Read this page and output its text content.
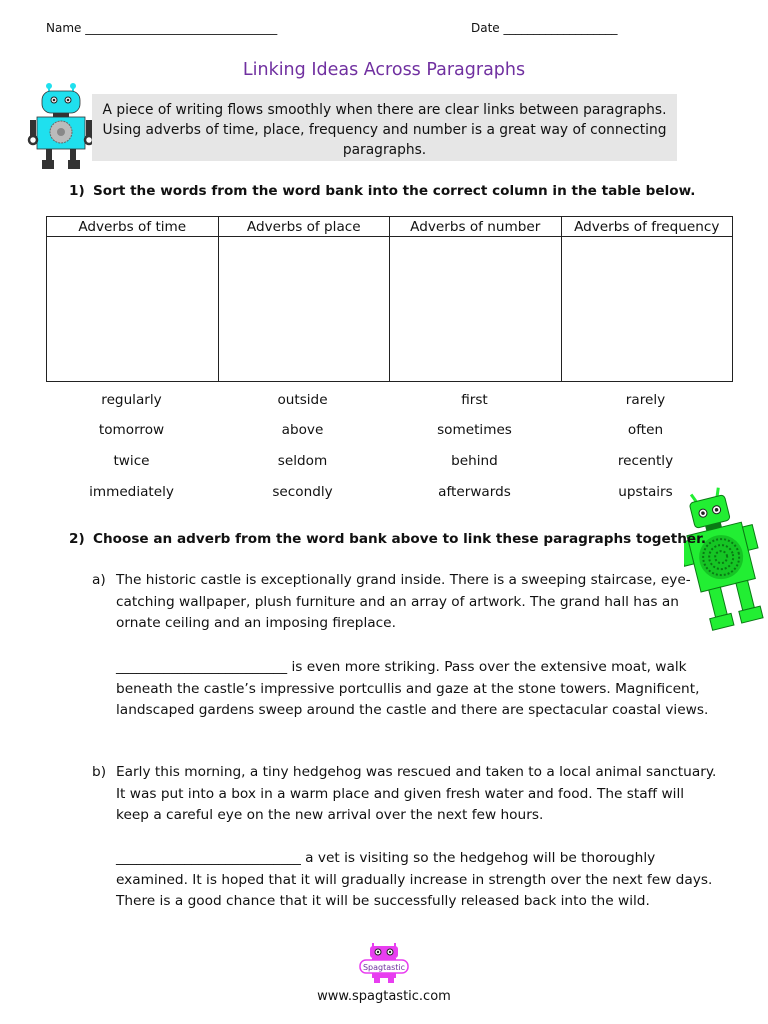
Name ________________________________	Date ___________________
Linking Ideas Across Paragraphs
A piece of writing flows smoothly when there are clear links between paragraphs. Using adverbs of time, place, frequency and number is a great way of connecting paragraphs.
1) Sort the words from the word bank into the correct column in the table below.
Adverbs of time	Adverbs of place	Adverbs of number	Adverbs of frequency

regularly	outside	first	rarely
tomorrow	above	sometimes	often
twice	seldom	behind	recently
immediately	secondly	afterwards	upstairs
2) Choose an adverb from the word bank above to link these paragraphs together.
a) The historic castle is exceptionally grand inside. There is a sweeping staircase, eye-

catching wallpaper, plush furniture and an array of artwork. The grand hall has an

ornate ceiling and an imposing fireplace.

_________________________ is even more striking. Pass over the extensive moat, walk

beneath the castle’s impressive portcullis and gaze at the stone towers. Magnificent,

landscaped gardens sweep around the castle and there are spectacular coastal views.

b) Early this morning, a tiny hedgehog was rescued and taken to a local animal sanctuary.

It was put into a box in a warm place and given fresh water and food. The staff will

keep a careful eye on the new arrival over the next few hours.

___________________________ a vet is visiting so the hedgehog will be thoroughly

examined. It is hoped that it will gradually increase in strength over the next few days.

There is a good chance that it will be successfully released back into the wild.

Spagtastic
www.spagtastic.com
